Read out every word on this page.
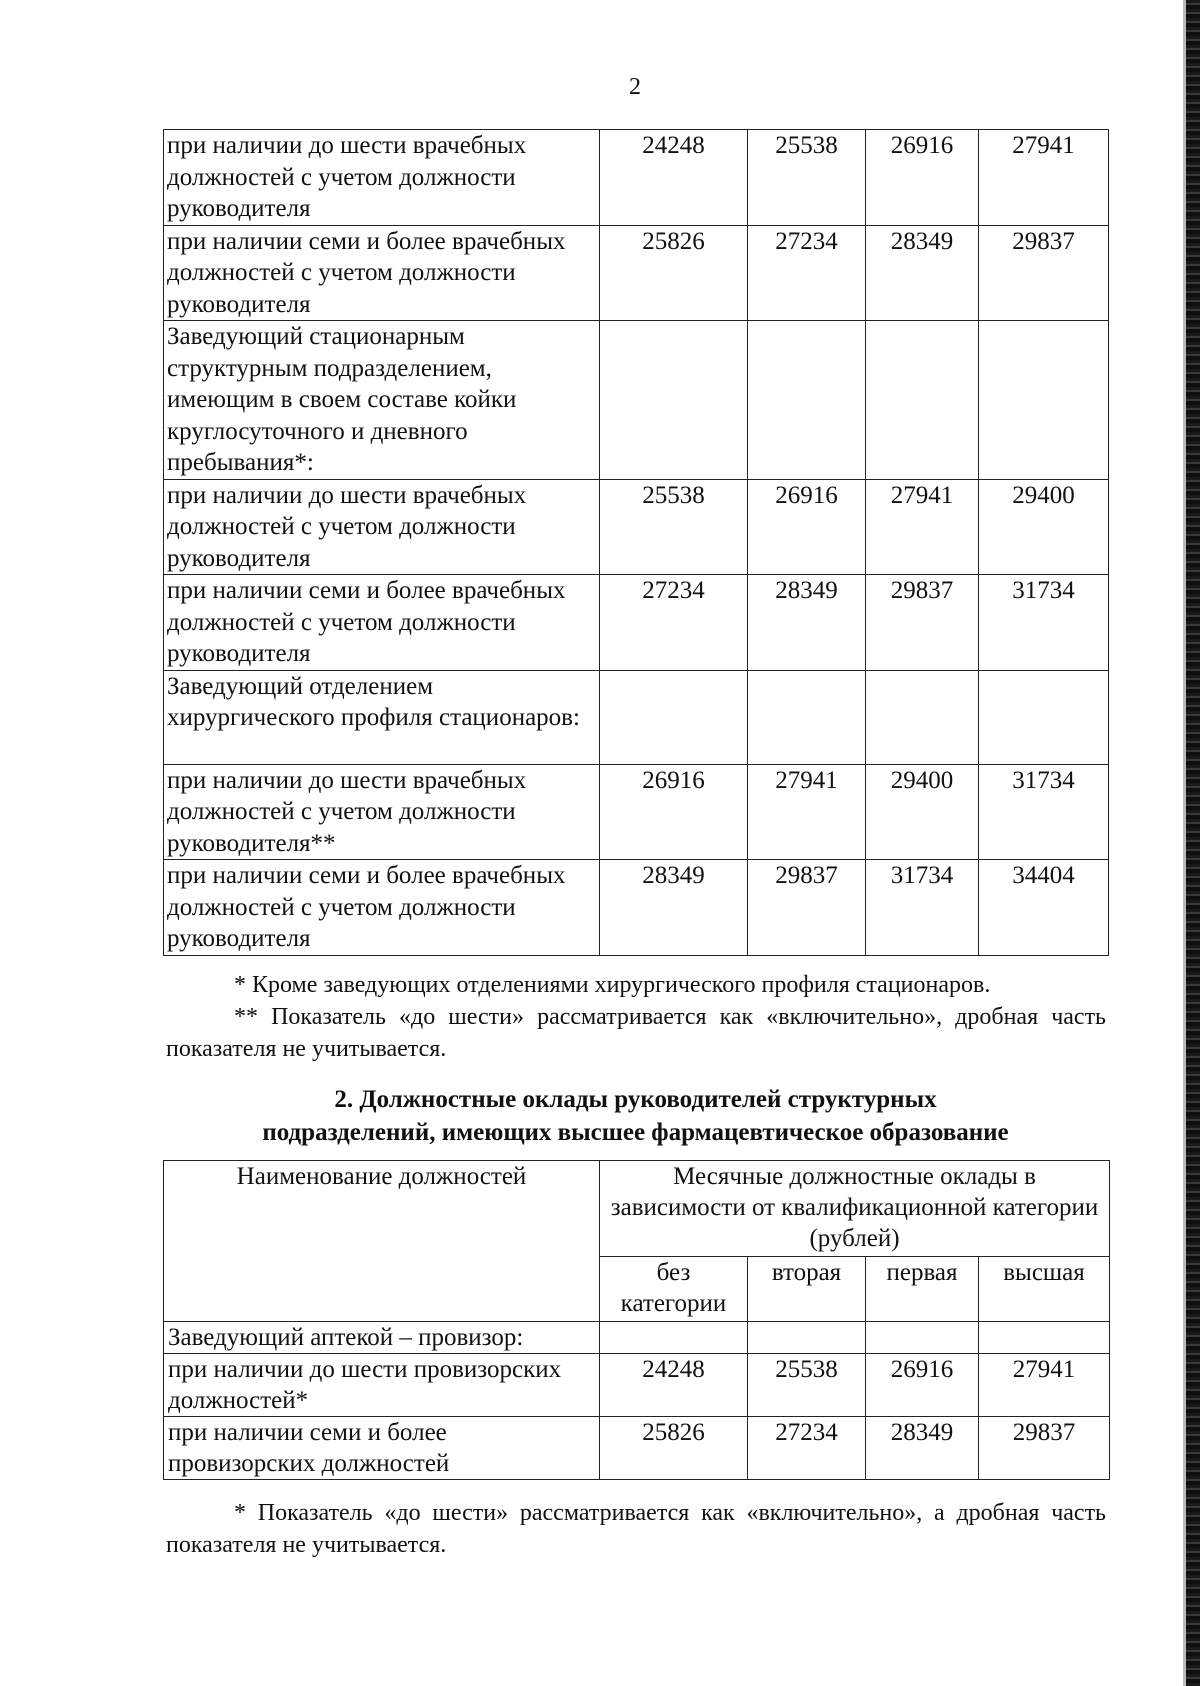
2
при наличии до шести врачебных должностей с учетом должности руководителя	24248	25538	26916	27941
при наличии семи и более врачебных должностей с учетом должности руководителя	25826	27234	28349	29837
Заведующий стационарным структурным подразделением, имеющим в своем составе койки круглосуточного и дневного пребывания*:				
при наличии до шести врачебных должностей с учетом должности руководителя	25538	26916	27941	29400
при наличии семи и более врачебных должностей с учетом должности руководителя	27234	28349	29837	31734
Заведующий отделением хирургического профиля стационаров:				
при наличии до шести врачебных должностей с учетом должности руководителя**	26916	27941	29400	31734
при наличии семи и более врачебных должностей с учетом должности руководителя	28349	29837	31734	34404
* Кроме заведующих отделениями хирургического профиля стационаров.
** Показатель «до шести» рассматривается как «включительно», дробная часть показателя не учитывается.
2. Должностные оклады руководителей структурных
подразделений, имеющих высшее фармацевтическое образование
Наименование должностей	Месячные должностные оклады в зависимости от квалификационной категории (рублей)			
	без категории	вторая	первая	высшая
Заведующий аптекой – провизор:				
при наличии до шести провизорских должностей*	24248	25538	26916	27941
при наличии семи и более провизорских должностей	25826	27234	28349	29837
* Показатель «до шести» рассматривается как «включительно», а дробная часть показателя не учитывается.
